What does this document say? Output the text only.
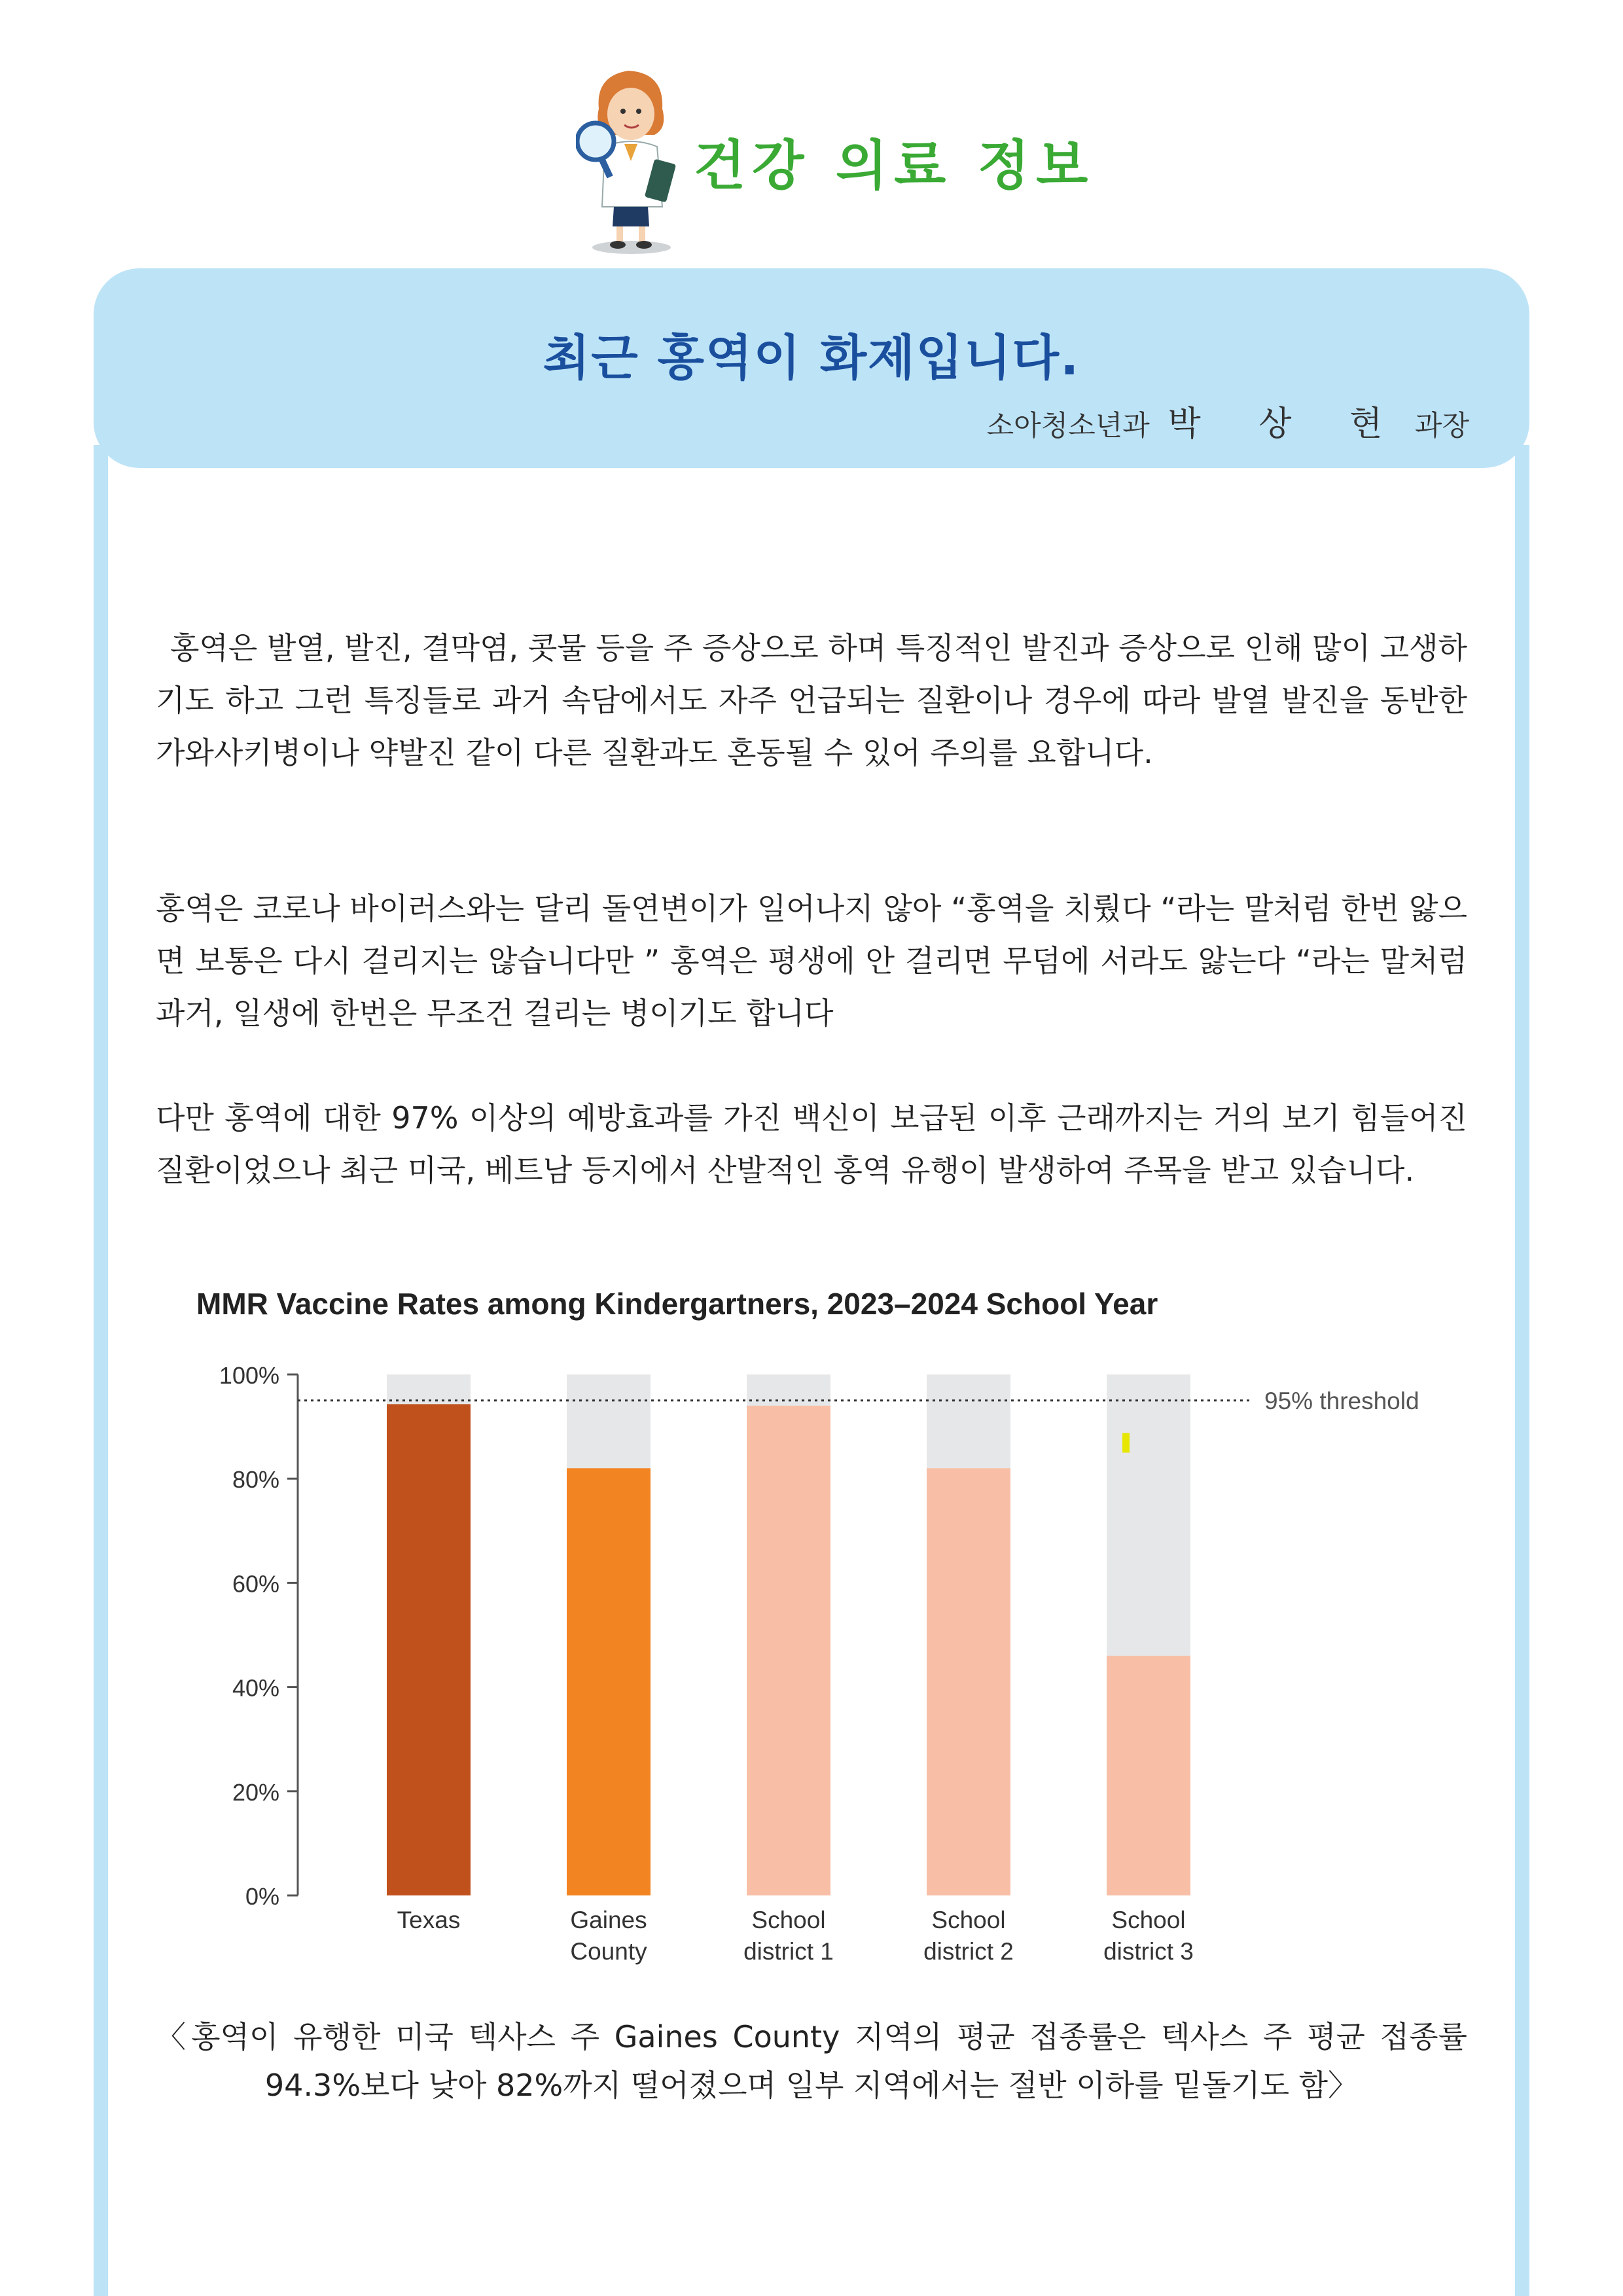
건강 의료 정보
최근 홍역이 화제입니다.
소아청소년과 박 상 현 과장
홍역은 발열, 발진, 결막염, 콧물 등을 주 증상으로 하며 특징적인 발진과 증상으로 인해 많이 고생하기도 하고 그런 특징들로 과거 속담에서도 자주 언급되는 질환이나 경우에 따라 발열 발진을 동반한 가와사키병이나 약발진 같이 다른 질환과도 혼동될 수 있어 주의를 요합니다.
홍역은 코로나 바이러스와는 달리 돌연변이가 일어나지 않아 “홍역을 치뤘다 “라는 말처럼 한번 앓으면 보통은 다시 걸리지는 않습니다만 ” 홍역은 평생에 안 걸리면 무덤에 서라도 앓는다 “라는 말처럼 과거, 일생에 한번은 무조건 걸리는 병이기도 합니다
다만 홍역에 대한 97% 이상의 예방효과를 가진 백신이 보급된 이후 근래까지는 거의 보기 힘들어진 질환이었으나 최근 미국, 베트남 등지에서 산발적인 홍역 유행이 발생하여 주목을 받고 있습니다.
MMR Vaccine Rates among Kindergartners, 2023–2024 School Year
0%
20%
40%
60%
80%
100%
Texas	Gaines
County
School
district 1
School
district 2
School
district 3
95% threshold
〈홍역이 유행한 미국 텍사스 주 Gaines County 지역의 평균 접종률은 텍사스 주 평균 접종률
94.3%보다 낮아 82%까지 떨어졌으며 일부 지역에서는 절반 이하를 밑돌기도 함〉
